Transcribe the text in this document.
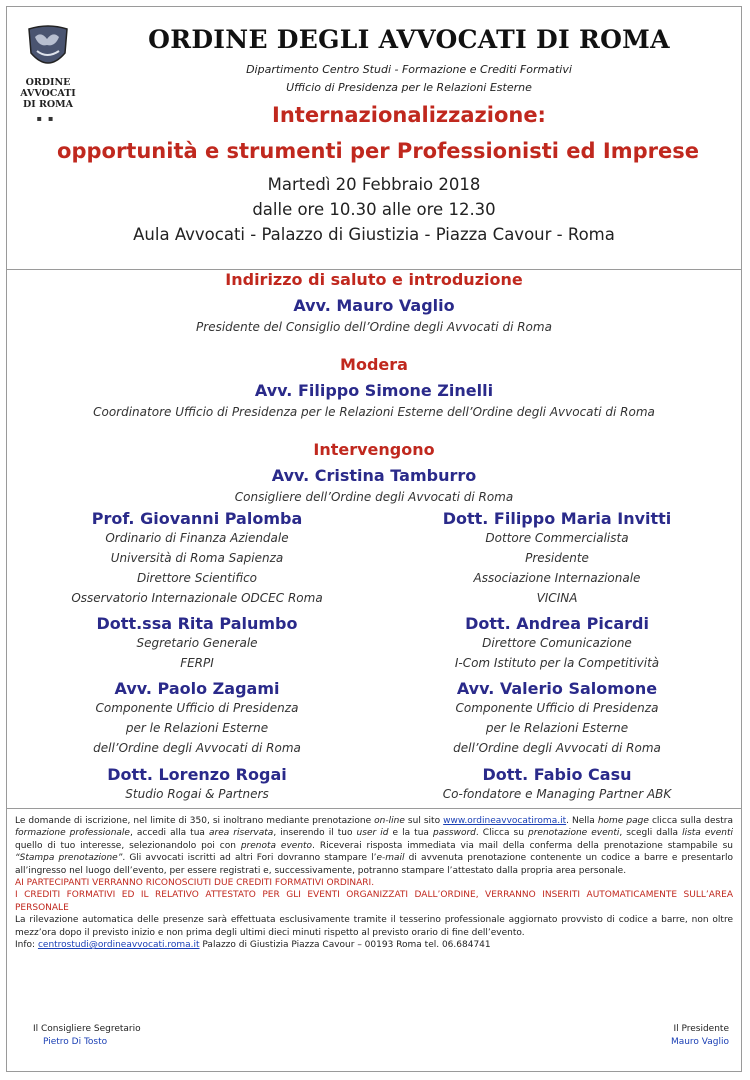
ORDINE
AVVOCATI
DI ROMA
▪▪
ORDINE DEGLI AVVOCATI DI ROMA
Dipartimento Centro Studi - Formazione e Crediti Formativi
Ufficio di Presidenza per le Relazioni Esterne
Internazionalizzazione:
opportunità e strumenti per Professionisti ed Imprese
Martedì 20 Febbraio 2018
dalle ore 10.30 alle ore 12.30
Aula Avvocati - Palazzo di Giustizia - Piazza Cavour - Roma
Indirizzo di saluto e introduzione
Avv. Mauro Vaglio
Presidente del Consiglio dell’Ordine degli Avvocati di Roma
Modera
Avv. Filippo Simone Zinelli
Coordinatore Ufficio di Presidenza per le Relazioni Esterne dell’Ordine degli Avvocati di Roma
Intervengono
Avv. Cristina Tamburro
Consigliere dell’Ordine degli Avvocati di Roma
Prof. Giovanni Palomba
Ordinario di Finanza Aziendale
Università di Roma Sapienza
Direttore Scientifico
Osservatorio Internazionale ODCEC Roma
Dott.ssa Rita Palumbo
Segretario Generale
FERPI
Avv. Paolo Zagami
Componente Ufficio di Presidenza
per le Relazioni Esterne
dell’Ordine degli Avvocati di Roma
Dott. Lorenzo Rogai
Studio Rogai & Partners
Dott. Filippo Maria Invitti
Dottore Commercialista
Presidente
Associazione Internazionale
VICINA
Dott. Andrea Picardi
Direttore Comunicazione
I-Com Istituto per la Competitività
Avv. Valerio Salomone
Componente Ufficio di Presidenza
per le Relazioni Esterne
dell’Ordine degli Avvocati di Roma
Dott. Fabio Casu
Co-fondatore e Managing Partner ABK
Le domande di iscrizione, nel limite di 350, si inoltrano mediante prenotazione on-line sul sito www.ordineavvocatiroma.it. Nella home page clicca sulla destra formazione professionale, accedi alla tua area riservata, inserendo il tuo user id e la tua password. Clicca su prenotazione eventi, scegli dalla lista eventi quello di tuo interesse, selezionandolo poi con prenota evento. Riceverai risposta immediata via mail della conferma della prenotazione stampabile su “Stampa prenotazione”. Gli avvocati iscritti ad altri Fori dovranno stampare l’e-mail di avvenuta prenotazione contenente un codice a barre e presentarlo all’ingresso nel luogo dell’evento, per essere registrati e, successivamente, potranno stampare l’attestato dalla propria area personale.
AI PARTECIPANTI VERRANNO RICONOSCIUTI DUE CREDITI FORMATIVI ORDINARI.
I CREDITI FORMATIVI ED IL RELATIVO ATTESTATO PER GLI EVENTI ORGANIZZATI DALL’ORDINE, VERRANNO INSERITI AUTOMATICAMENTE SULL’AREA PERSONALE
La rilevazione automatica delle presenze sarà effettuata esclusivamente tramite il tesserino professionale aggiornato provvisto di codice a barre, non oltre mezz’ora dopo il previsto inizio e non prima degli ultimi dieci minuti rispetto al previsto orario di fine dell’evento.
Info: centrostudi@ordineavvocati.roma.it Palazzo di Giustizia Piazza Cavour – 00193 Roma tel. 06.684741
Il Consigliere Segretario
Pietro Di Tosto
Il Presidente
Mauro Vaglio
